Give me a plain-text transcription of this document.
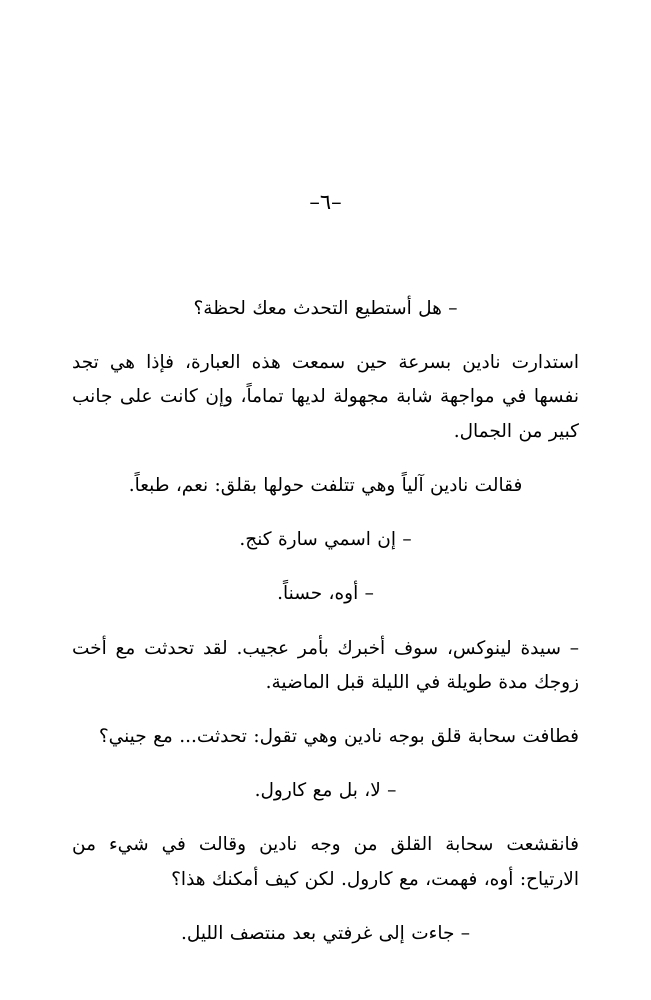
–٦–

– هل أستطيع التحدث معك لحظة؟

استدارت نادين بسرعة حين سمعت هذه العبارة، فإذا هي تجد نفسها في مواجهة شابة مجهولة لديها تماماً، وإن كانت على جانب كبير من الجمال.

فقالت نادين آلياً وهي تتلفت حولها بقلق: نعم، طبعاً.

– إن اسمي سارة كنج.

– أوه، حسناً.

– سيدة لينوكس، سوف أخبرك بأمر عجيب. لقد تحدثت مع أخت زوجك مدة طويلة في الليلة قبل الماضية.

فطافت سحابة قلق بوجه نادين وهي تقول: تحدثت... مع جيني؟

– لا، بل مع كارول.

فانقشعت سحابة القلق من وجه نادين وقالت في شيء من الارتياح: أوه، فهمت، مع كارول. لكن كيف أمكنك هذا؟

– جاءت إلى غرفتي بعد منتصف الليل.
